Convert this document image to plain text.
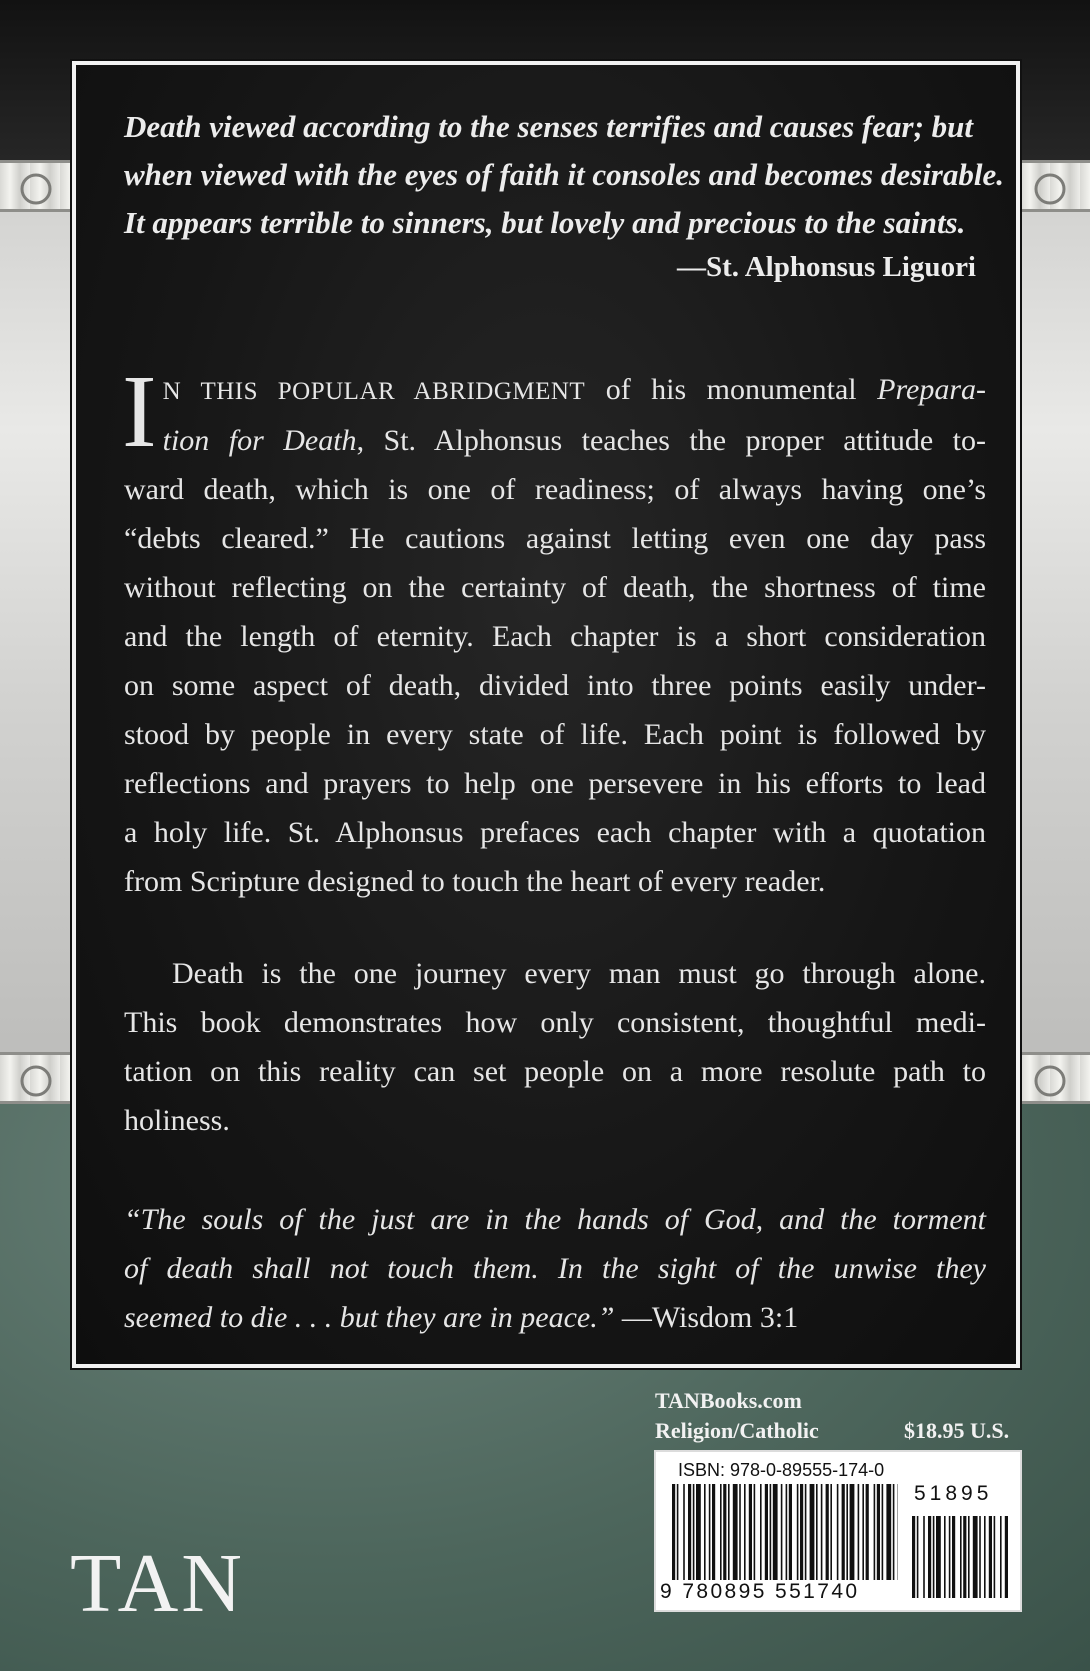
Death viewed according to the senses terrifies and causes fear; but
when viewed with the eyes of faith it consoles and becomes desirable.
It appears terrible to sinners, but lovely and precious to the saints.
—St. Alphonsus Liguori
I N THIS POPULAR ABRIDGMENT of his monumental Prepara-
tion for Death, St. Alphonsus teaches the proper attitude to-
ward death, which is one of readiness; of always having one’s
“debts cleared.” He cautions against letting even one day pass
without reflecting on the certainty of death, the shortness of time
and the length of eternity. Each chapter is a short consideration
on some aspect of death, divided into three points easily under-
stood by people in every state of life. Each point is followed by
reflections and prayers to help one persevere in his efforts to lead
a holy life. St. Alphonsus prefaces each chapter with a quotation
from Scripture designed to touch the heart of every reader.
Death is the one journey every man must go through alone.
This book demonstrates how only consistent, thoughtful medi-
tation on this reality can set people on a more resolute path to
holiness.
“The souls of the just are in the hands of God, and the torment
of death shall not touch them. In the sight of the unwise they
seemed to die . . . but they are in peace.” —Wisdom 3:1
TANBooks.com
Religion/Catholic	$18.95 U.S.
TAN
ISBN: 978-0-89555-174-0
51895
9 780895 551740
